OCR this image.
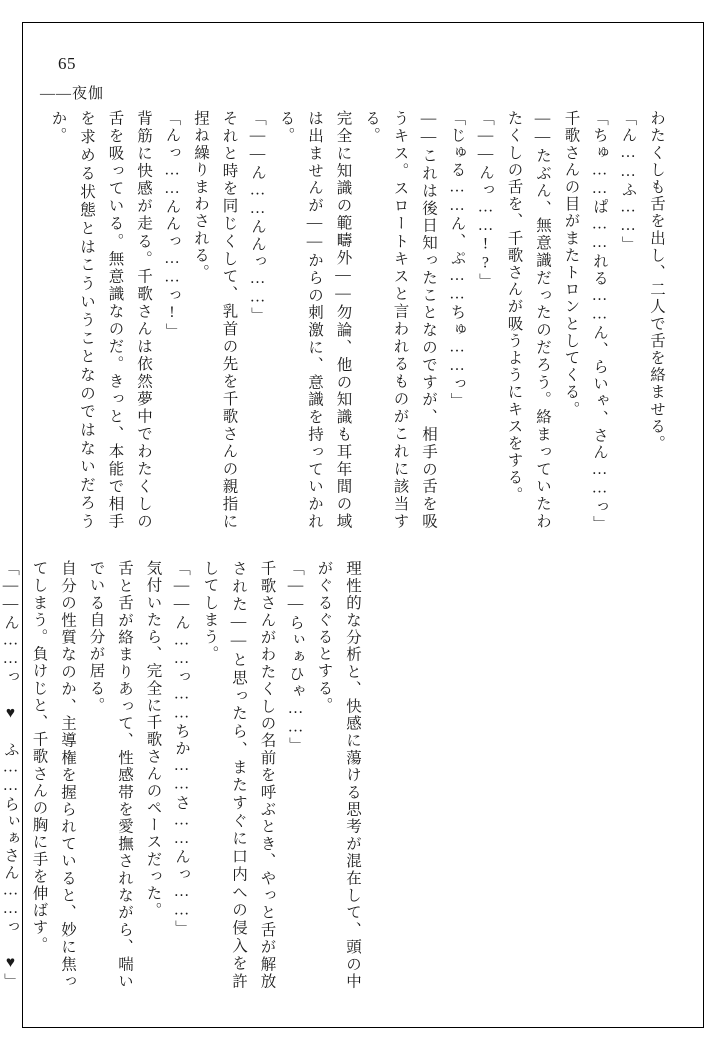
65
――夜伽

わたくしも舌を出し、二人で舌を絡ませる。

「ん……ふ……」

「ちゅ……ぱ……れる……ん、らいゃ、さん……っ」

千歌さんの目がまたトロンとしてくる。

――たぶん、無意識だったのだろう。絡まっていたわたくしの舌を、千歌さんが吸うようにキスをする。

「――んっ……!?」

「じゅる……ん、ぷ……ちゅ……っ」

――これは後日知ったことなのですが、相手の舌を吸うキス。スロートキスと言われるものがこれに該当する。

完全に知識の範疇外――勿論、他の知識も耳年間の域は出ませんが――からの刺激に、意識を持っていかれる。

「――ん……んんっ……」

それと時を同じくして、乳首の先を千歌さんの親指に捏ね繰りまわされる。

「んっ……んんっ……っ!」

背筋に快感が走る。千歌さんは依然夢中でわたくしの舌を吸っている。無意識なのだ。きっと、本能で相手を求める状態とはこういうことなのではないだろうか。

理性的な分析と、快感に蕩ける思考が混在して、頭の中がぐるぐるとする。

「――らぃぁひゃ……」

千歌さんがわたくしの名前を呼ぶとき、やっと舌が解放された――と思ったら、またすぐに口内への侵入を許してしまう。

「――ん……っ……ちか……さ……んっ……」

気付いたら、完全に千歌さんのペースだった。

舌と舌が絡まりあって、性感帯を愛撫されながら、喘いでいる自分が居る。

自分の性質なのか、主導権を握られていると、妙に焦ってしまう。負けじと、千歌さんの胸に手を伸ばす。

「――ん……っ ♥ ふ……らぃぁさん……っ ♥」
